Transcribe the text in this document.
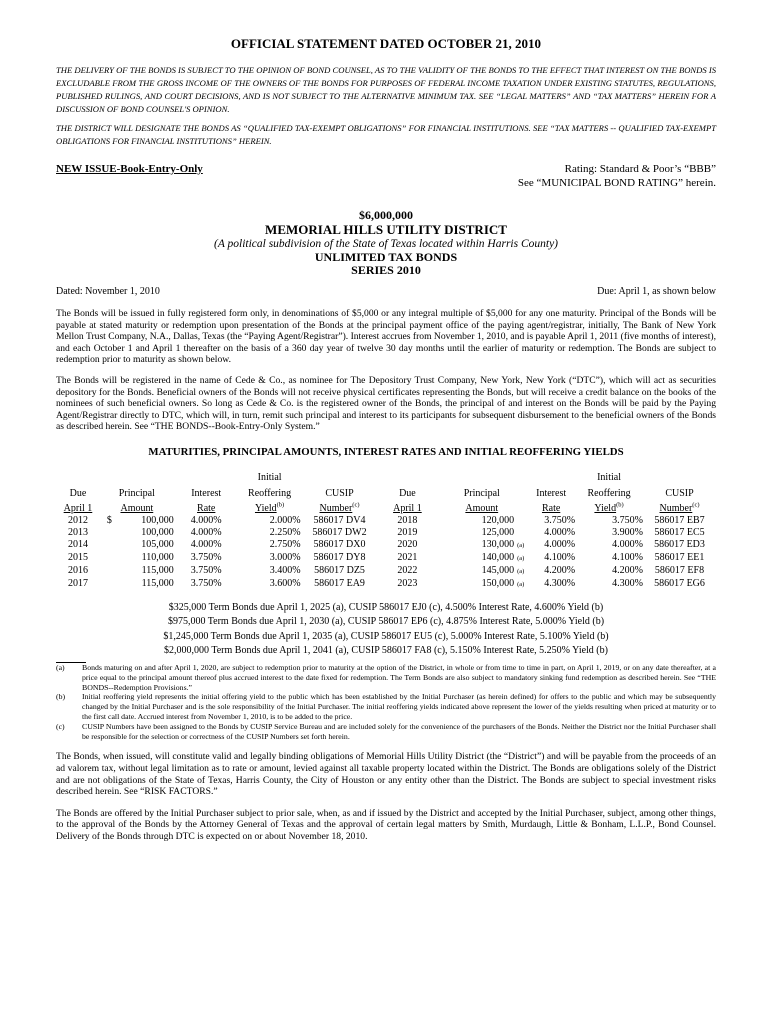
OFFICIAL STATEMENT DATED OCTOBER 21, 2010

THE DELIVERY OF THE BONDS IS SUBJECT TO THE OPINION OF BOND COUNSEL, AS TO THE VALIDITY OF THE BONDS TO THE EFFECT THAT INTEREST ON THE BONDS IS EXCLUDABLE FROM THE GROSS INCOME OF THE OWNERS OF THE BONDS FOR PURPOSES OF FEDERAL INCOME TAXATION UNDER EXISTING STATUTES, REGULATIONS, PUBLISHED RULINGS, AND COURT DECISIONS, AND IS NOT SUBJECT TO THE ALTERNATIVE MINIMUM TAX. SEE “LEGAL MATTERS” AND “TAX MATTERS” HEREIN FOR A DISCUSSION OF BOND COUNSEL'S OPINION.

THE DISTRICT WILL DESIGNATE THE BONDS AS “QUALIFIED TAX-EXEMPT OBLIGATIONS” FOR FINANCIAL INSTITUTIONS. SEE “TAX MATTERS -- QUALIFIED TAX-EXEMPT OBLIGATIONS FOR FINANCIAL INSTITUTIONS” HEREIN.

NEW ISSUE-Book-Entry-Only	Rating: Standard & Poor’s “BBB”
See “MUNICIPAL BOND RATING” herein.
$6,000,000
MEMORIAL HILLS UTILITY DISTRICT
(A political subdivision of the State of Texas located within Harris County)
UNLIMITED TAX BONDS
SERIES 2010
Dated: November 1, 2010	Due: April 1, as shown below

The Bonds will be issued in fully registered form only, in denominations of $5,000 or any integral multiple of $5,000 for any one maturity. Principal of the Bonds will be payable at stated maturity or redemption upon presentation of the Bonds at the principal payment office of the paying agent/registrar, initially, The Bank of New York Mellon Trust Company, N.A., Dallas, Texas (the “Paying Agent/Registrar”). Interest accrues from November 1, 2010, and is payable April 1, 2011 (five months of interest), and each October 1 and April 1 thereafter on the basis of a 360 day year of twelve 30 day months until the earlier of maturity or redemption. The Bonds are subject to redemption prior to maturity as shown below.

The Bonds will be registered in the name of Cede & Co., as nominee for The Depository Trust Company, New York, New York (“DTC”), which will act as securities depository for the Bonds. Beneficial owners of the Bonds will not receive physical certificates representing the Bonds, but will receive a credit balance on the books of the nominees of such beneficial owners. So long as Cede & Co. is the registered owner of the Bonds, the principal of and interest on the Bonds will be paid by the Paying Agent/Registrar directly to DTC, which will, in turn, remit such principal and interest to its participants for subsequent disbursement to the beneficial owners of the Bonds as described herein. See “THE BONDS--Book-Entry-Only System.”

MATURITIES, PRINCIPAL AMOUNTS, INTEREST RATES AND INITIAL REOFFERING YIELDS
				Initial						Initial	
Due	Principal		Interest	Reoffering	CUSIP	Due	Principal		Interest	Reoffering	CUSIP
April 1	Amount		Rate	Yield$^{(b)}$	Number$^{(c)}$	April 1	Amount		Rate	Yield$^{(b)}$	Number$^{(c)}$
2012	$	100,000	4.000%	2.000%	586017 DV4	2018	120,000		3.750%	3.750%	586017 EB7
2013		100,000	4.000%	2.250%	586017 DW2	2019	125,000		4.000%	3.900%	586017 EC5
2014		105,000	4.000%	2.750%	586017 DX0	2020	130,000	(a)	4.000%	4.000%	586017 ED3
2015		110,000	3.750%	3.000%	586017 DY8	2021	140,000	(a)	4.100%	4.100%	586017 EE1
2016		115,000	3.750%	3.400%	586017 DZ5	2022	145,000	(a)	4.200%	4.200%	586017 EF8
2017		115,000	3.750%	3.600%	586017 EA9	2023	150,000	(a)	4.300%	4.300%	586017 EG6
$325,000 Term Bonds due April 1, 2025 (a), CUSIP 586017 EJ0 (c), 4.500% Interest Rate, 4.600% Yield (b)
$975,000 Term Bonds due April 1, 2030 (a), CUSIP 586017 EP6 (c), 4.875% Interest Rate, 5.000% Yield (b)
$1,245,000 Term Bonds due April 1, 2035 (a), CUSIP 586017 EU5 (c), 5.000% Interest Rate, 5.100% Yield (b)
$2,000,000 Term Bonds due April 1, 2041 (a), CUSIP 586017 FA8 (c), 5.150% Interest Rate, 5.250% Yield (b)
(a)	Bonds maturing on and after April 1, 2020, are subject to redemption prior to maturity at the option of the District, in whole or from time to time in part, on April 1, 2019, or on any date thereafter, at a price equal to the principal amount thereof plus accrued interest to the date fixed for redemption. The Term Bonds are also subject to mandatory sinking fund redemption as described herein. See “THE BONDS--Redemption Provisions.”
(b)	Initial reoffering yield represents the initial offering yield to the public which has been established by the Initial Purchaser (as herein defined) for offers to the public and which may be subsequently changed by the Initial Purchaser and is the sole responsibility of the Initial Purchaser. The initial reoffering yields indicated above represent the lower of the yields resulting when priced at maturity or to the first call date. Accrued interest from November 1, 2010, is to be added to the price.
(c)	CUSIP Numbers have been assigned to the Bonds by CUSIP Service Bureau and are included solely for the convenience of the purchasers of the Bonds. Neither the District nor the Initial Purchaser shall be responsible for the selection or correctness of the CUSIP Numbers set forth herein.

The Bonds, when issued, will constitute valid and legally binding obligations of Memorial Hills Utility District (the “District”) and will be payable from the proceeds of an ad valorem tax, without legal limitation as to rate or amount, levied against all taxable property located within the District. The Bonds are obligations solely of the District and are not obligations of the State of Texas, Harris County, the City of Houston or any entity other than the District. The Bonds are subject to special investment risks described herein. See “RISK FACTORS.”

The Bonds are offered by the Initial Purchaser subject to prior sale, when, as and if issued by the District and accepted by the Initial Purchaser, subject, among other things, to the approval of the Bonds by the Attorney General of Texas and the approval of certain legal matters by Smith, Murdaugh, Little & Bonham, L.L.P., Bond Counsel. Delivery of the Bonds through DTC is expected on or about November 18, 2010.
